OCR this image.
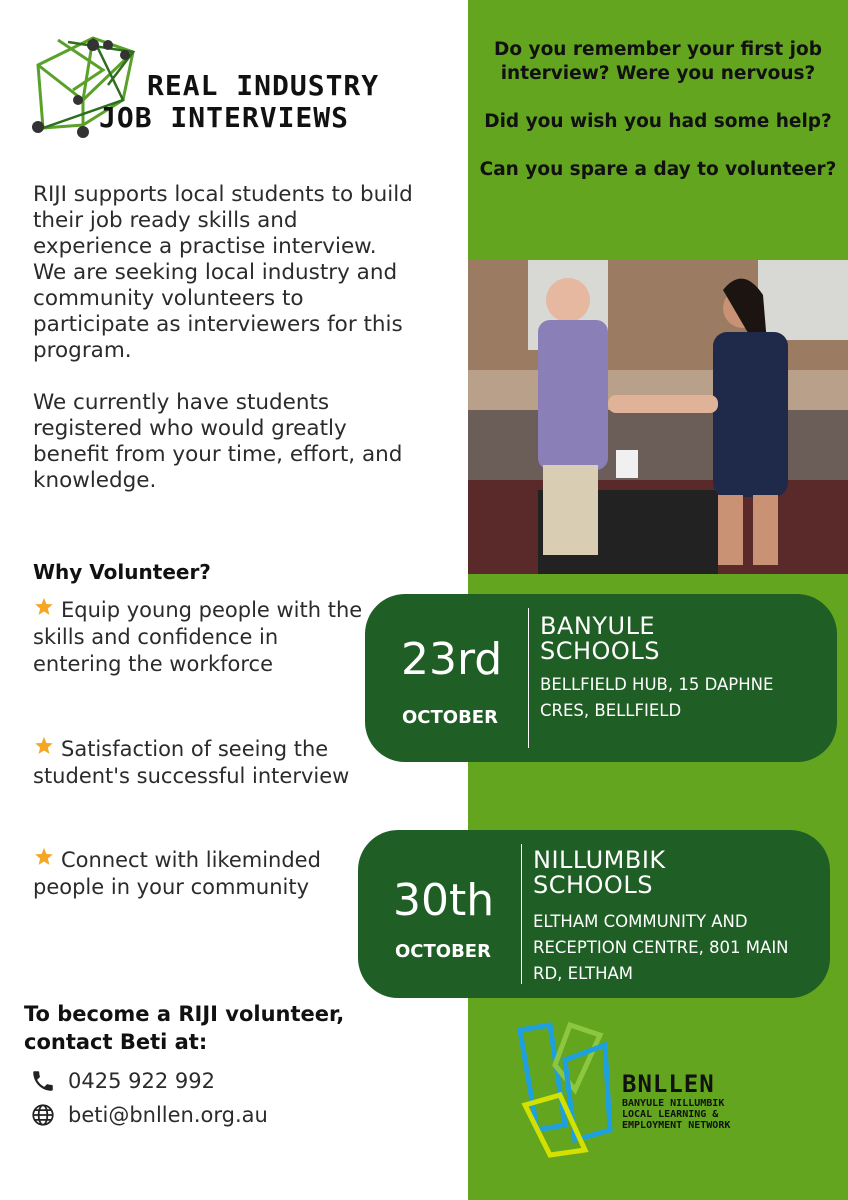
REAL INDUSTRY
JOB INTERVIEWS

RIJI supports local students to build their job ready skills and experience a practise interview. We are seeking local industry and community volunteers to participate as interviewers for this program.

We currently have students registered who would greatly benefit from your time, effort, and knowledge.

Why Volunteer?
Equip young people with the skills and confidence in entering the workforce
Satisfaction of seeing the student's successful interview
Connect with likeminded people in your community
To become a RIJI volunteer, contact Beti at:
0425 922 992
beti@bnllen.org.au

Do you remember your first job interview? Were you nervous?

Did you wish you had some help?

Can you spare a day to volunteer?

23rd
OCTOBER
BANYULE SCHOOLS
BELLFIELD HUB, 15 DAPHNE CRES, BELLFIELD
30th
OCTOBER
NILLUMBIK SCHOOLS
ELTHAM COMMUNITY AND RECEPTION CENTRE, 801 MAIN RD, ELTHAM
BNLLEN
BANYULE NILLUMBIK
LOCAL LEARNING &
EMPLOYMENT NETWORK
